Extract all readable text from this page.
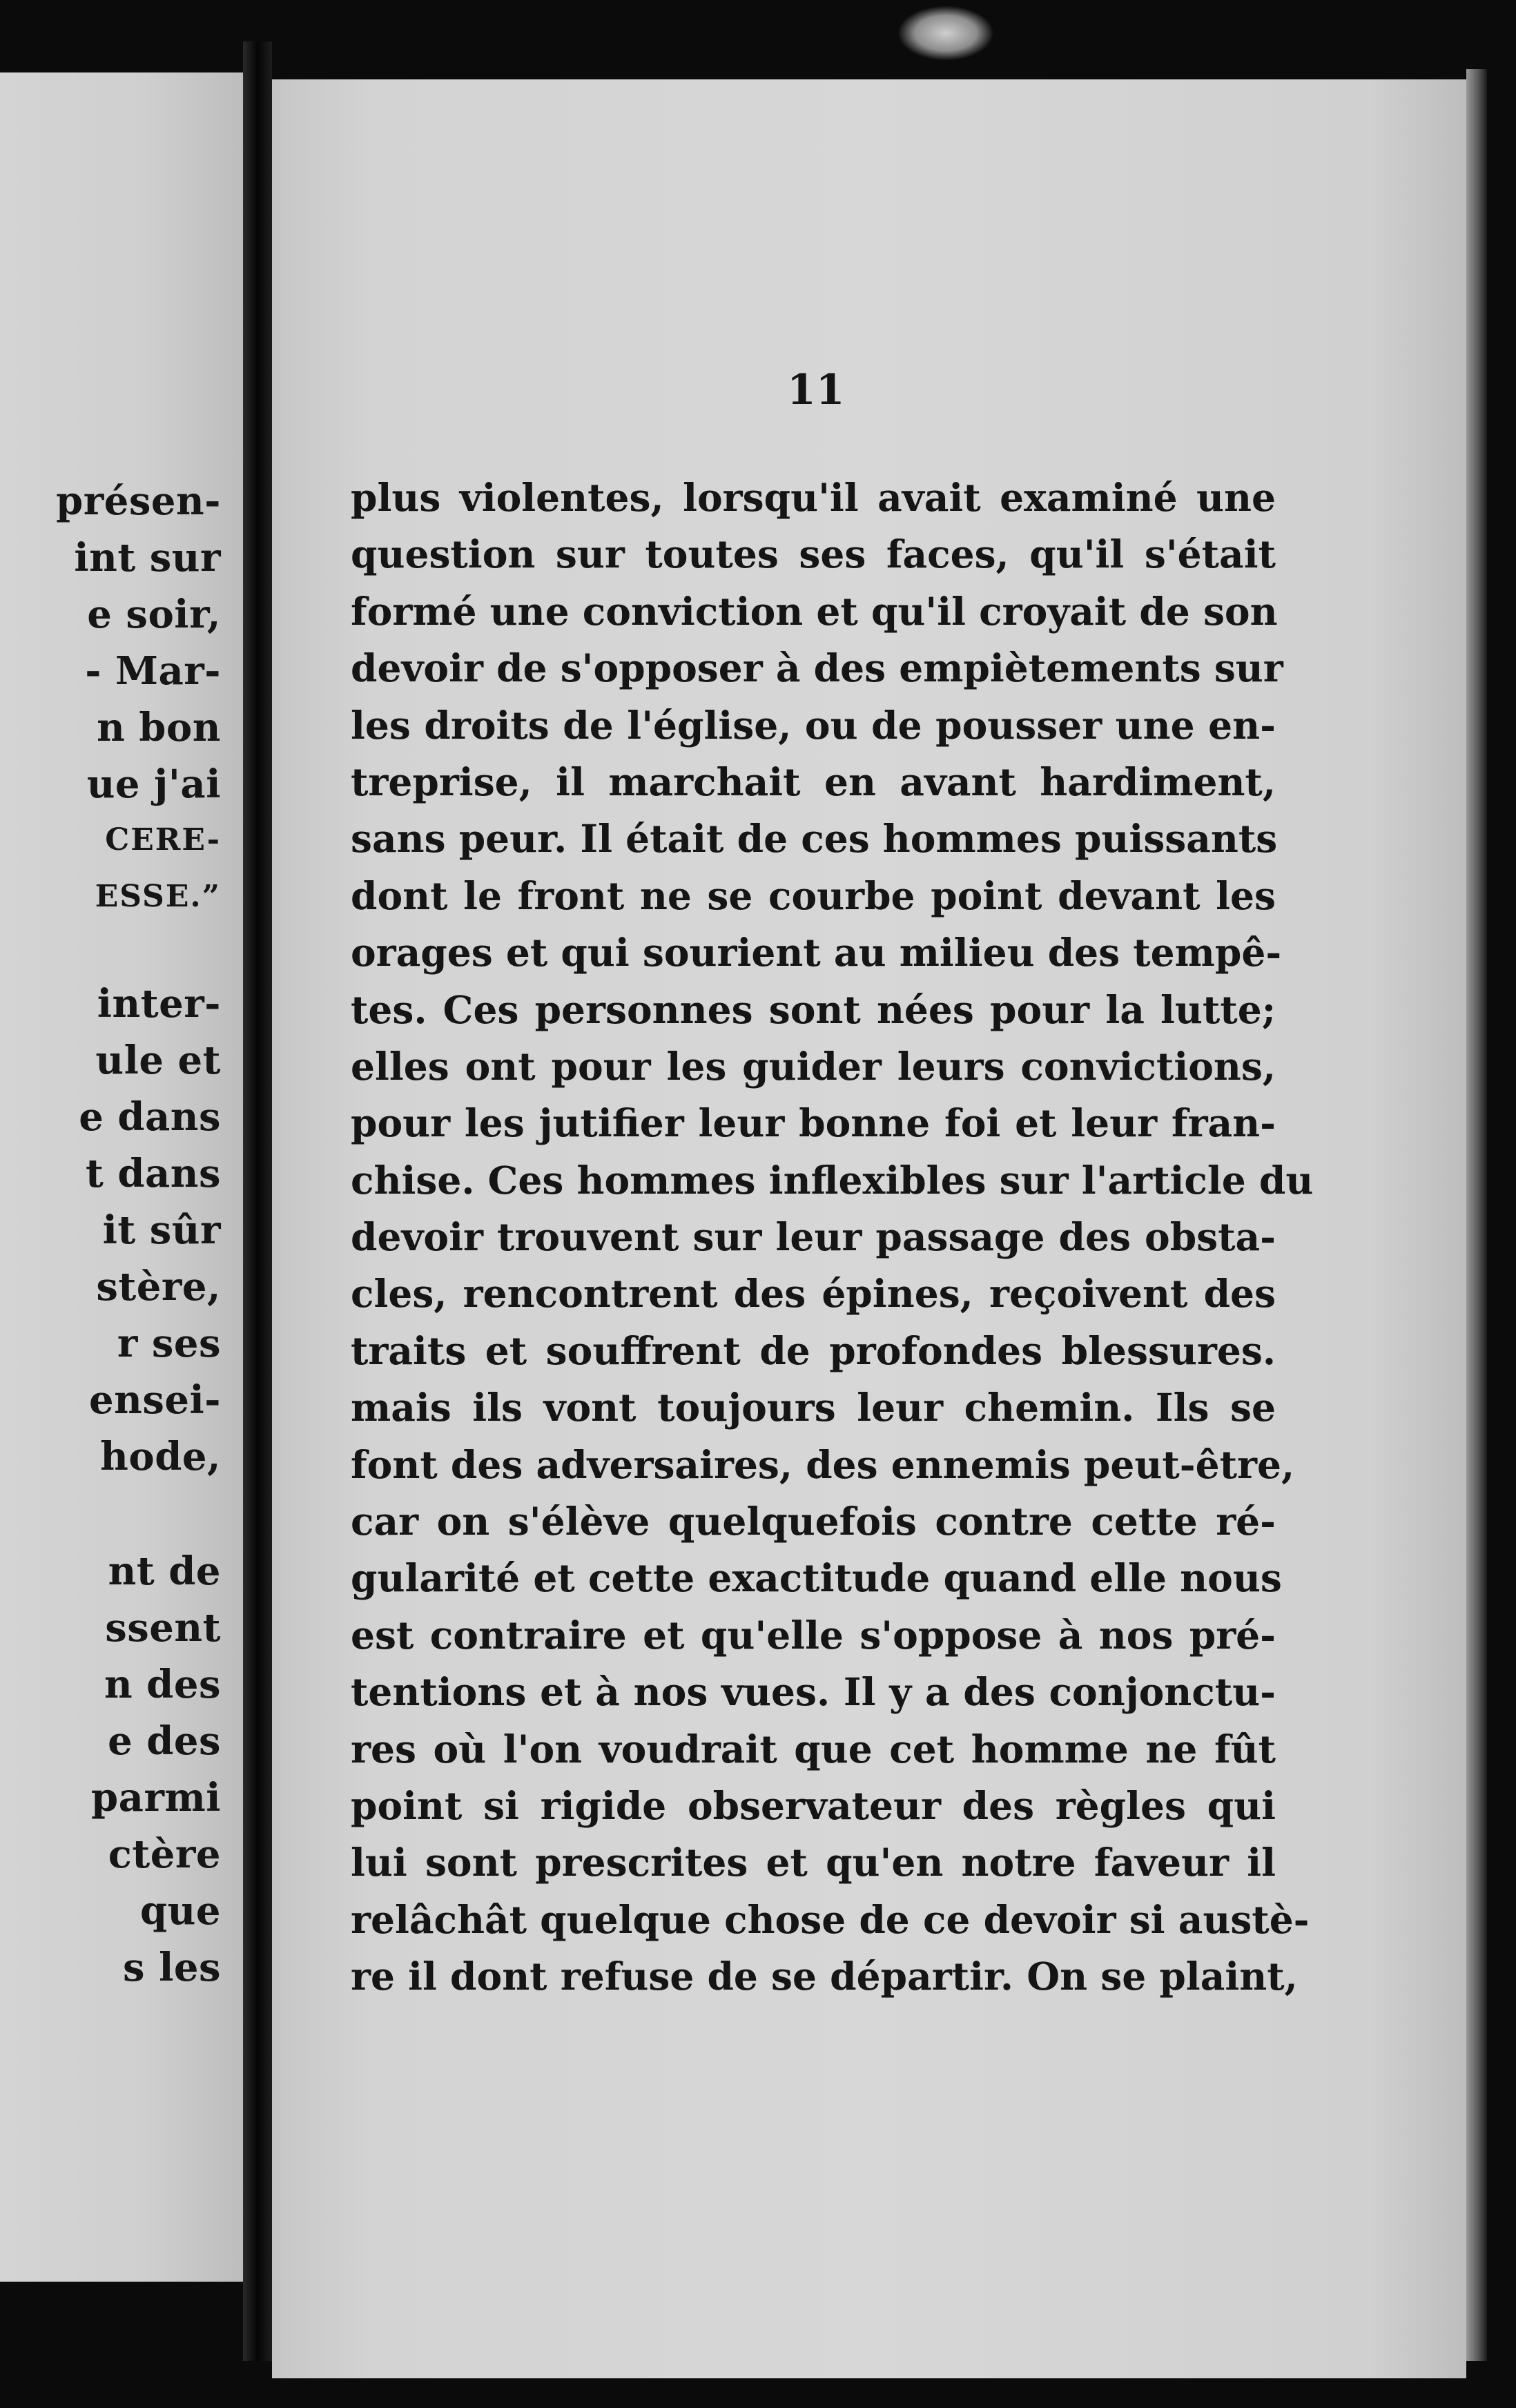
présen-
int sur
e soir,
- Mar-
n bon
ue j'ai
CERE-
ESSE.”
inter-
ule et
e dans
t dans
it sûr
stère,
r ses
ensei-
hode,
nt de
ssent
n des
e des
parmi
ctère
que
s les
11
plus violentes, lorsqu'il avait examiné une
question sur toutes ses faces, qu'il s'était
formé une conviction et qu'il croyait de son
devoir de s'opposer à des empiètements sur
les droits de l'église, ou de pousser une en-
treprise, il marchait en avant hardiment,
sans peur. Il était de ces hommes puissants
dont le front ne se courbe point devant les
orages et qui sourient au milieu des tempê-
tes. Ces personnes sont nées pour la lutte;
elles ont pour les guider leurs convictions,
pour les jutifier leur bonne foi et leur fran-
chise. Ces hommes inflexibles sur l'article du
devoir trouvent sur leur passage des obsta-
cles, rencontrent des épines, reçoivent des
traits et souffrent de profondes blessures.
mais ils vont toujours leur chemin. Ils se
font des adversaires, des ennemis peut-être,
car on s'élève quelquefois contre cette ré-
gularité et cette exactitude quand elle nous
est contraire et qu'elle s'oppose à nos pré-
tentions et à nos vues. Il y a des conjonctu-
res où l'on voudrait que cet homme ne fût
point si rigide observateur des règles qui
lui sont prescrites et qu'en notre faveur il
relâchât quelque chose de ce devoir si austè-
re il dont refuse de se départir. On se plaint,
